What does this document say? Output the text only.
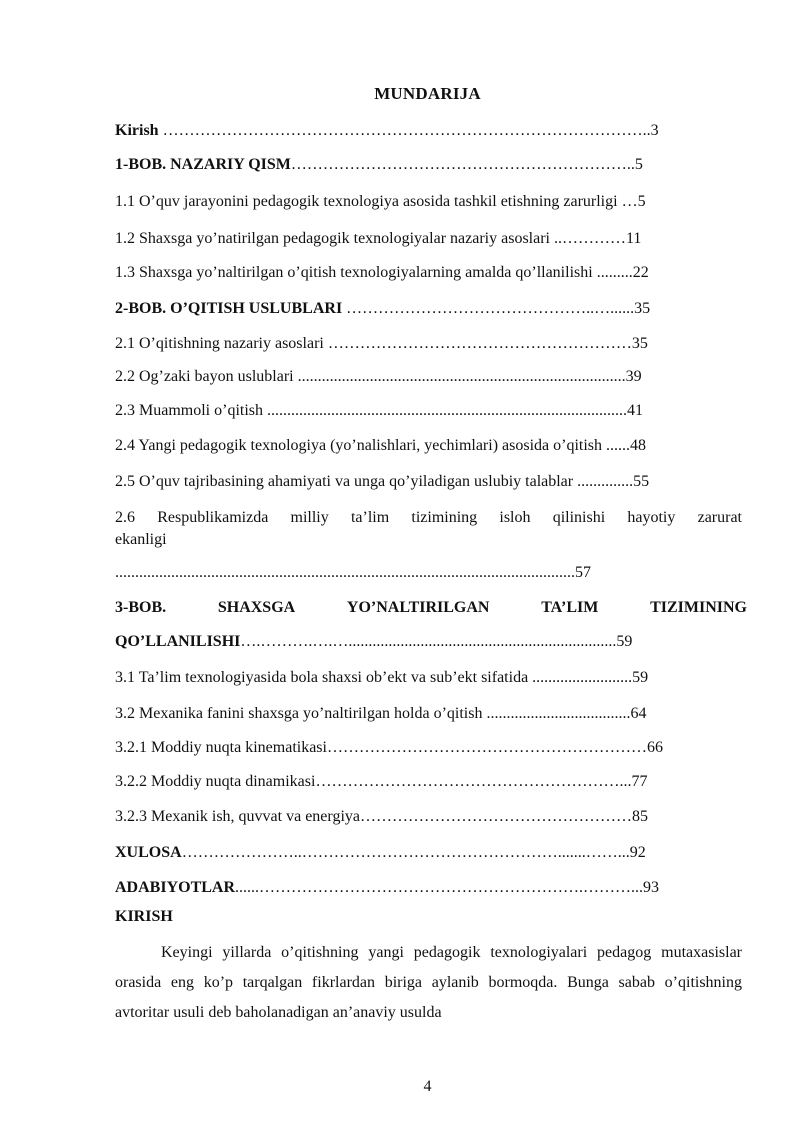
MUNDARIJA
Kirish ………………………………………………………………………………..3
1-BOB. NAZARIY QISM………………………………………………………..5
1.1 O’quv jarayonini pedagogik texnologiya asosida tashkil etishning zarurligi …5
1.2 Shaxsga yo’natirilgan pedagogik texnologiyalar nazariy asoslari ..…………11
1.3 Shaxsga yo’naltirilgan o’qitish texnologiyalarning amalda qo’llanilishi .........22
2-BOB. O’QITISH USLUBLARI ………………………………………..…......35
2.1 O’qitishning nazariy asoslari …………………………………………………35
2.2 Og’zaki bayon uslublari ..................................................................................39
2.3 Muammoli o’qitish ..........................................................................................41
2.4 Yangi pedagogik texnologiya (yo’nalishlari, yechimlari) asosida o’qitish ......48
2.5 O’quv tajribasining ahamiyati va unga qo’yiladigan uslubiy talablar ..............55
2.6 Respublikamizda milliy ta’lim tizimining isloh qilinishi hayotiy zarurat
ekanligi
...................................................................................................................57
3-BOB.	SHAXSGA	YO’NALTIRILGAN	TA’LIM	TIZIMINING
QO’LLANILISHI….……….….…...................................................................59
3.1 Ta’lim texnologiyasida bola shaxsi ob’ekt va sub’ekt sifatida .........................59
3.2 Mexanika fanini shaxsga yo’naltirilgan holda o’qitish ....................................64
3.2.1 Moddiy nuqta kinematikasi……………………………………………………66
3.2.2 Moddiy nuqta dinamikasi…………………………………………………...77
3.2.3 Mexanik ish, quvvat va energiya……………………………………………85
XULOSA…………………..………………………………………….......……...92
ADABIYOTLAR......…………………………………………………….………...93
KIRISH
Keyingi yillarda o’qitishning yangi pedagogik texnologiyalari pedagog mutaxasislar orasida eng ko’p tarqalgan fikrlardan biriga aylanib bormoqda. Bunga sabab o’qitishning avtoritar usuli deb baholanadigan an’anaviy usulda
4
